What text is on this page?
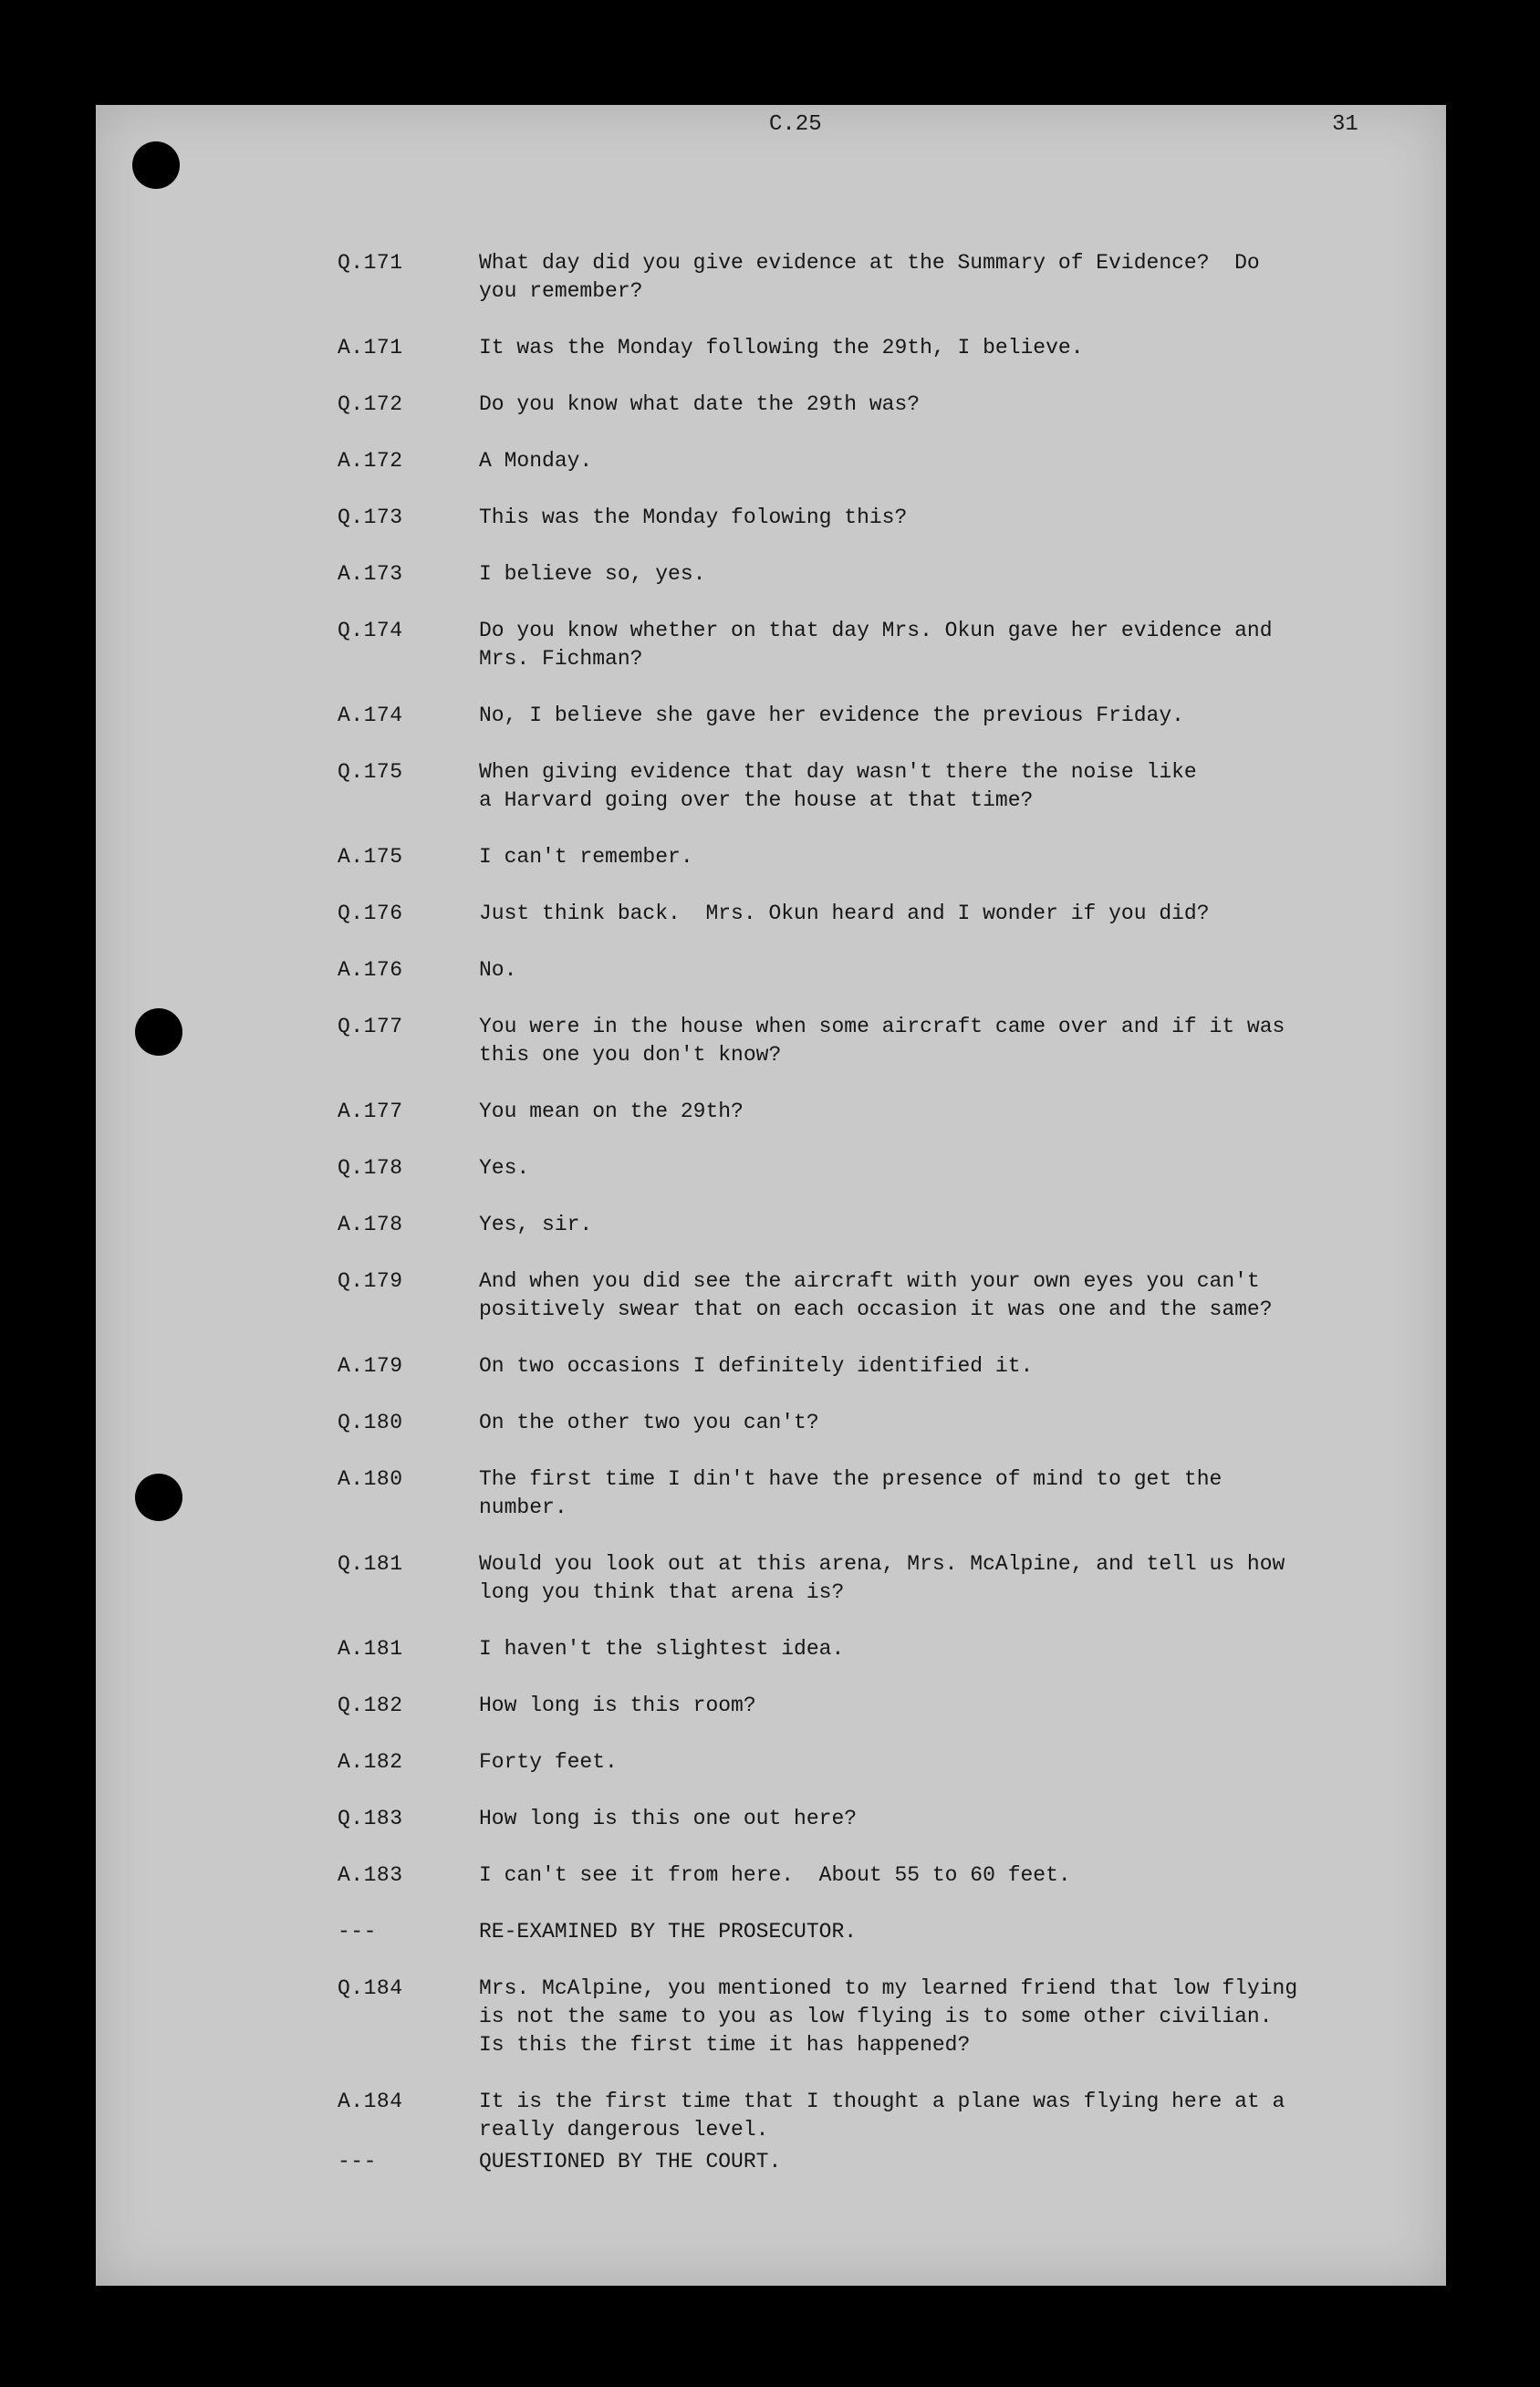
C.25	31
Q.171	What day did you give evidence at the Summary of Evidence?  Do
you remember?
A.171	It was the Monday following the 29th, I believe.
Q.172	Do you know what date the 29th was?
A.172	A Monday.
Q.173	This was the Monday folowing this?
A.173	I believe so, yes.
Q.174	Do you know whether on that day Mrs. Okun gave her evidence and
Mrs. Fichman?
A.174	No, I believe she gave her evidence the previous Friday.
Q.175	When giving evidence that day wasn't there the noise like
a Harvard going over the house at that time?
A.175	I can't remember.
Q.176	Just think back.  Mrs. Okun heard and I wonder if you did?
A.176	No.
Q.177	You were in the house when some aircraft came over and if it was
this one you don't know?
A.177	You mean on the 29th?
Q.178	Yes.
A.178	Yes, sir.
Q.179	And when you did see the aircraft with your own eyes you can't
positively swear that on each occasion it was one and the same?
A.179	On two occasions I definitely identified it.
Q.180	On the other two you can't?
A.180	The first time I din't have the presence of mind to get the
number.
Q.181	Would you look out at this arena, Mrs. McAlpine, and tell us how
long you think that arena is?
A.181	I haven't the slightest idea.
Q.182	How long is this room?
A.182	Forty feet.
Q.183	How long is this one out here?
A.183	I can't see it from here.  About 55 to 60 feet.
---	RE-EXAMINED BY THE PROSECUTOR.
Q.184	Mrs. McAlpine, you mentioned to my learned friend that low flying
is not the same to you as low flying is to some other civilian.
Is this the first time it has happened?
A.184	It is the first time that I thought a plane was flying here at a
really dangerous level.
---	QUESTIONED BY THE COURT.
